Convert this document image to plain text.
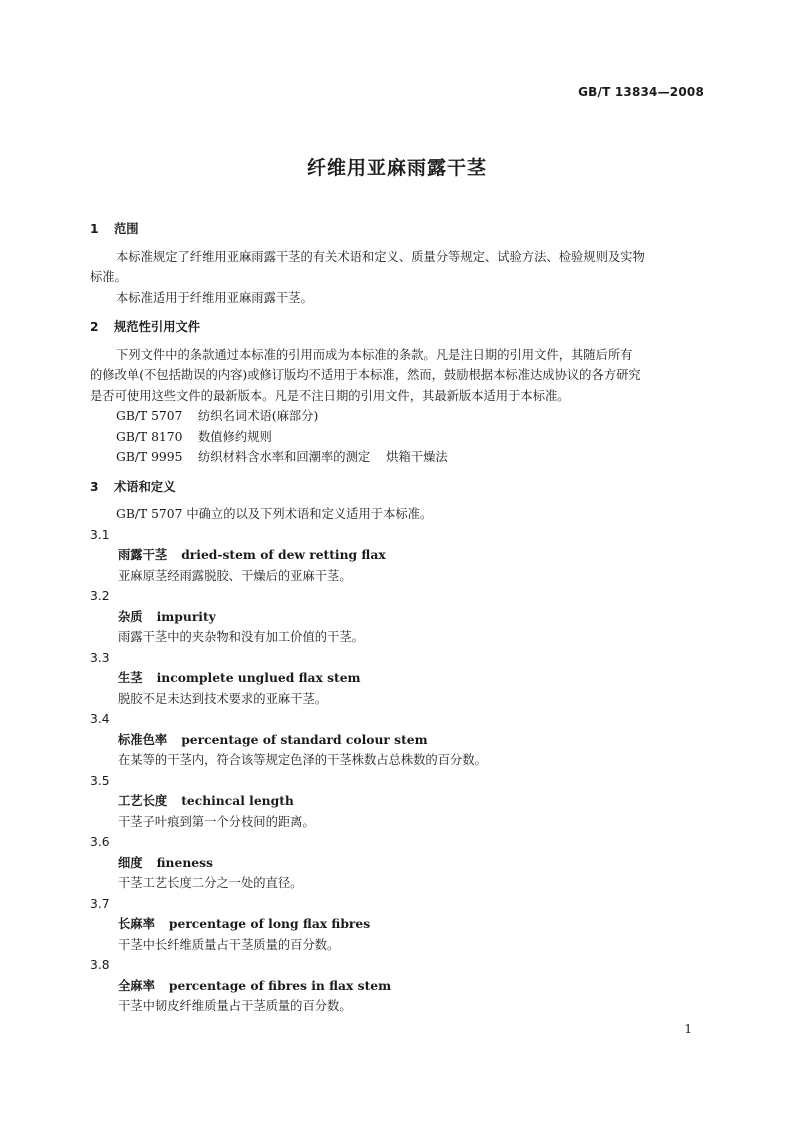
GB/T 13834—2008
纤维用亚麻雨露干茎
1 范围

本标准规定了纤维用亚麻雨露干茎的有关术语和定义、质量分等规定、试验方法、检验规则及实物

标准。

本标准适用于纤维用亚麻雨露干茎。

2 规范性引用文件

下列文件中的条款通过本标准的引用而成为本标准的条款。凡是注日期的引用文件，其随后所有

的修改单(不包括勘误的内容)或修订版均不适用于本标准，然而，鼓励根据本标准达成协议的各方研究

是否可使用这些文件的最新版本。凡是不注日期的引用文件，其最新版本适用于本标准。

GB/T 5707 纺织名词术语(麻部分)

GB/T 8170 数值修约规则

GB/T 9995 纺织材料含水率和回潮率的测定 烘箱干燥法

3 术语和定义

GB/T 5707 中确立的以及下列术语和定义适用于本标准。

3.1

雨露干茎 dried-stem of dew retting flax

亚麻原茎经雨露脱胶、干燥后的亚麻干茎。

3.2

杂质 impurity

雨露干茎中的夹杂物和没有加工价值的干茎。

3.3

生茎 incomplete unglued flax stem

脱胶不足未达到技术要求的亚麻干茎。

3.4

标准色率 percentage of standard colour stem

在某等的干茎内，符合该等规定色泽的干茎株数占总株数的百分数。

3.5

工艺长度 techincal length

干茎子叶痕到第一个分枝间的距离。

3.6

细度 fineness

干茎工艺长度二分之一处的直径。

3.7

长麻率 percentage of long flax fibres

干茎中长纤维质量占干茎质量的百分数。

3.8

全麻率 percentage of fibres in flax stem

干茎中韧皮纤维质量占干茎质量的百分数。

1
